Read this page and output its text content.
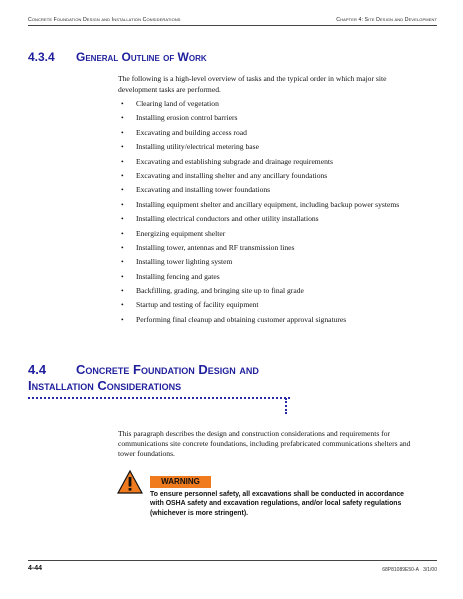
Concrete Foundation Design and Installation Considerations	Chapter 4: Site Design and Development
4.3.4 General Outline of Work

The following is a high-level overview of tasks and the typical order in which major site development tasks are performed.

• Clearing land of vegetation
• Installing erosion control barriers
• Excavating and building access road
• Installing utility/electrical metering base
• Excavating and establishing subgrade and drainage requirements
• Excavating and installing shelter and any ancillary foundations
• Excavating and installing tower foundations
• Installing equipment shelter and ancillary equipment, including backup power systems
• Installing electrical conductors and other utility installations
• Energizing equipment shelter
• Installing tower, antennas and RF transmission lines
• Installing tower lighting system
• Installing fencing and gates
• Backfilling, grading, and bringing site up to final grade
• Startup and testing of facility equipment
• Performing final cleanup and obtaining customer approval signatures
4.4 Concrete Foundation Design and
Installation Considerations

This paragraph describes the design and construction considerations and requirements for communications site concrete foundations, including prefabricated communications shelters and tower foundations.

WARNING
To ensure personnel safety, all excavations shall be conducted in accordance with OSHA safety and excavation regulations, and/or local safety regulations (whichever is more stringent).
4-44	68P81089E50-A 3/1/00
